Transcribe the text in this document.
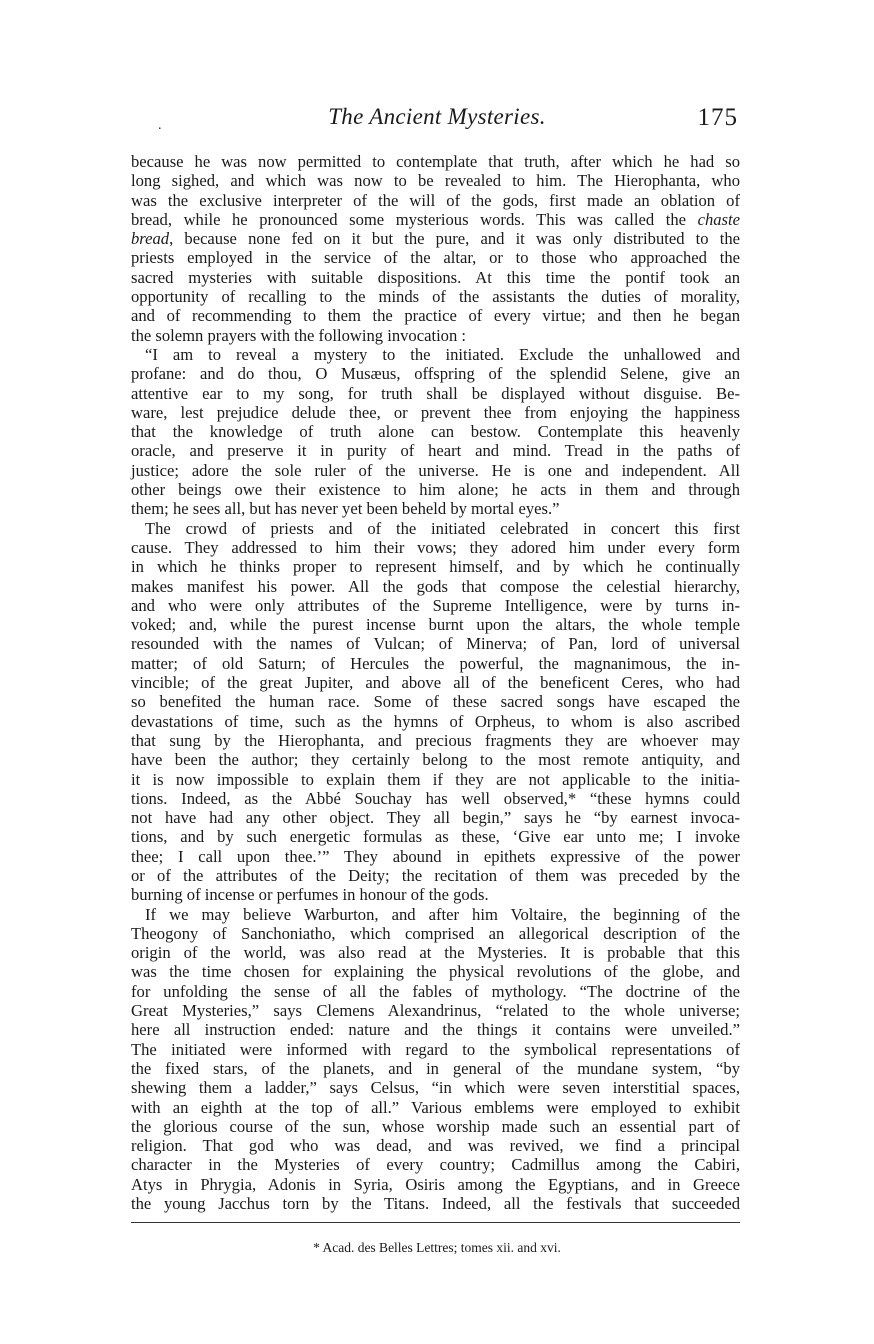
.	The Ancient Mysteries.	175

because he was now permitted to contemplate that truth, after which he had so
long sighed, and which was now to be revealed to him. The Hierophanta, who
was the exclusive interpreter of the will of the gods, first made an oblation of
bread, while he pronounced some mysterious words. This was called the chaste
bread, because none fed on it but the pure, and it was only distributed to the
priests employed in the service of the altar, or to those who approached the
sacred mysteries with suitable dispositions. At this time the pontif took an
opportunity of recalling to the minds of the assistants the duties of morality,
and of recommending to them the practice of every virtue; and then he began
the solemn prayers with the following invocation :

“I am to reveal a mystery to the initiated. Exclude the unhallowed and
profane: and do thou, O Musæus, offspring of the splendid Selene, give an
attentive ear to my song, for truth shall be displayed without disguise. Be-
ware, lest prejudice delude thee, or prevent thee from enjoying the happiness
that the knowledge of truth alone can bestow. Contemplate this heavenly
oracle, and preserve it in purity of heart and mind. Tread in the paths of
justice; adore the sole ruler of the universe. He is one and independent. All
other beings owe their existence to him alone; he acts in them and through
them; he sees all, but has never yet been beheld by mortal eyes.”

The crowd of priests and of the initiated celebrated in concert this first
cause. They addressed to him their vows; they adored him under every form
in which he thinks proper to represent himself, and by which he continually
makes manifest his power. All the gods that compose the celestial hierarchy,
and who were only attributes of the Supreme Intelligence, were by turns in-
voked; and, while the purest incense burnt upon the altars, the whole temple
resounded with the names of Vulcan; of Minerva; of Pan, lord of universal
matter; of old Saturn; of Hercules the powerful, the magnanimous, the in-
vincible; of the great Jupiter, and above all of the beneficent Ceres, who had
so benefited the human race. Some of these sacred songs have escaped the
devastations of time, such as the hymns of Orpheus, to whom is also ascribed
that sung by the Hierophanta, and precious fragments they are whoever may
have been the author; they certainly belong to the most remote antiquity, and
it is now impossible to explain them if they are not applicable to the initia-
tions. Indeed, as the Abbé Souchay has well observed,* “these hymns could
not have had any other object. They all begin,” says he “by earnest invoca-
tions, and by such energetic formulas as these, ‘Give ear unto me; I invoke
thee; I call upon thee.’” They abound in epithets expressive of the power
or of the attributes of the Deity; the recitation of them was preceded by the
burning of incense or perfumes in honour of the gods.

If we may believe Warburton, and after him Voltaire, the beginning of the
Theogony of Sanchoniatho, which comprised an allegorical description of the
origin of the world, was also read at the Mysteries. It is probable that this
was the time chosen for explaining the physical revolutions of the globe, and
for unfolding the sense of all the fables of mythology. “The doctrine of the
Great Mysteries,” says Clemens Alexandrinus, “related to the whole universe;
here all instruction ended: nature and the things it contains were unveiled.”
The initiated were informed with regard to the symbolical representations of
the fixed stars, of the planets, and in general of the mundane system, “by
shewing them a ladder,” says Celsus, “in which were seven interstitial spaces,
with an eighth at the top of all.” Various emblems were employed to exhibit
the glorious course of the sun, whose worship made such an essential part of
religion. That god who was dead, and was revived, we find a principal
character in the Mysteries of every country; Cadmillus among the Cabiri,
Atys in Phrygia, Adonis in Syria, Osiris among the Egyptians, and in Greece
the young Jacchus torn by the Titans. Indeed, all the festivals that succeeded

* Acad. des Belles Lettres; tomes xii. and xvi.
